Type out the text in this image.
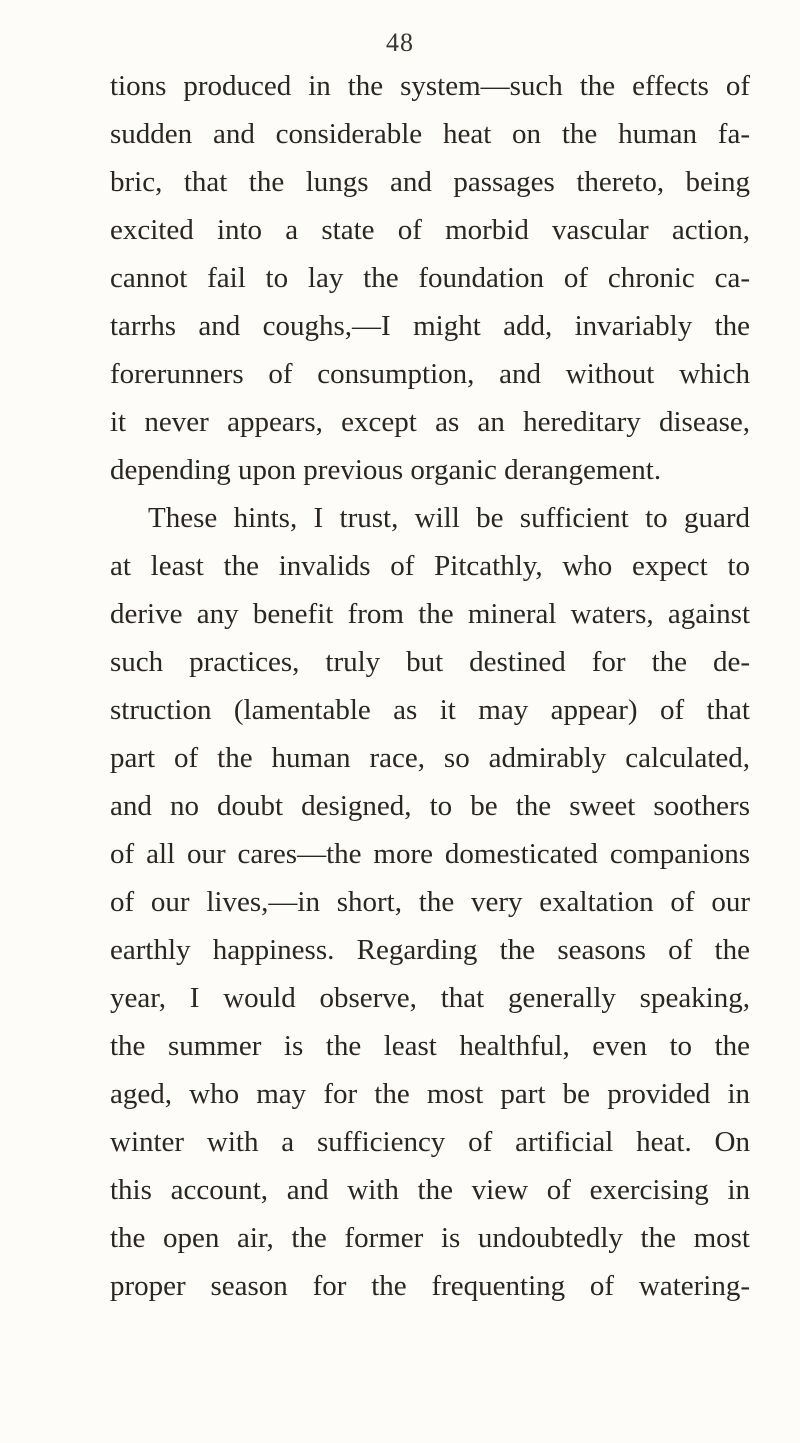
48
tions produced in the system—such the effects of
sudden and considerable heat on the human fa-
bric, that the lungs and passages thereto, being
excited into a state of morbid vascular action,
cannot fail to lay the foundation of chronic ca-
tarrhs and coughs,—I might add, invariably the
forerunners of consumption, and without which
it never appears, except as an hereditary disease,
depending upon previous organic derangement.
These hints, I trust, will be sufficient to guard
at least the invalids of Pitcathly, who expect to
derive any benefit from the mineral waters, against
such practices, truly but destined for the de-
struction (lamentable as it may appear) of that
part of the human race, so admirably calculated,
and no doubt designed, to be the sweet soothers
of all our cares—the more domesticated companions
of our lives,—in short, the very exaltation of our
earthly happiness. Regarding the seasons of the
year, I would observe, that generally speaking,
the summer is the least healthful, even to the
aged, who may for the most part be provided in
winter with a sufficiency of artificial heat. On
this account, and with the view of exercising in
the open air, the former is undoubtedly the most
proper season for the frequenting of watering-
